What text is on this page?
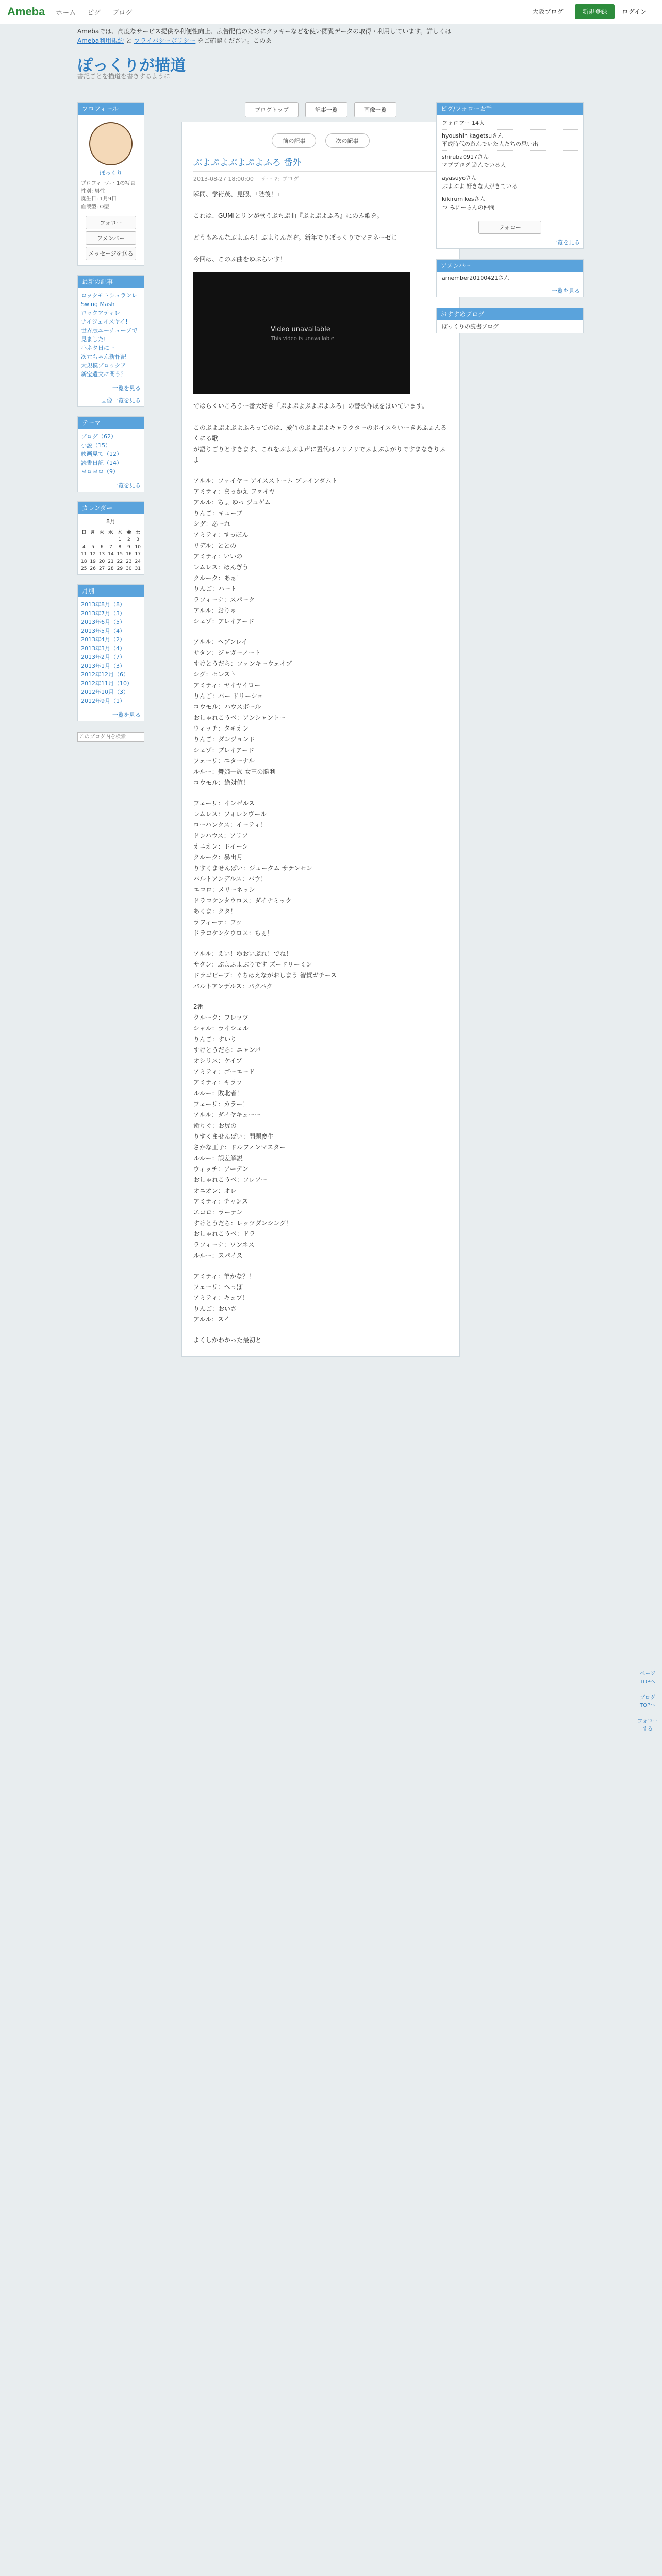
Ameba ホーム ピグ ブログ	大阪ブログ	新規登録 ログイン
Amebaでは、高度なサービス提供や利便性向上、広告配信のためにクッキーなどを使い閲覧データの取得・利用しています。詳しくは Ameba利用規約 と プライバシーポリシー をご確認ください。このあ
ぽっくりが描道
書記ごとを描道を書きするように
プロフィール
ぽっくり
プロフィール・1の写真
性別: 男性
誕生日: 1月9日
血液型: O型
フォロー
アメンバー
メッセージを送る
最新の記事
ロックモトシュランレ
Swing Mash
ロックアティレ
ナイジェイスヤイ!
世界版ユーチューブで見ました!
小ネタ日にー
次元ちゃん新作記
大規模ブロックア
新宝遺文に関う？
一覧を見る
画像一覧を見る
テーマ
ブログ（62）
小説（15）
映画見て（12）
読書日記（14）
ヨロヨロ（9）
一覧を見る
カレンダー
8月
日	月	火	水	木	金	土
				1	2	3
4	5	6	7	8	9	10
11	12	13	14	15	16	17
18	19	20	21	22	23	24
25	26	27	28	29	30	31
月別
2013年8月（8）
2013年7月（3）
2013年6月（5）
2013年5月（4）
2013年4月（2）
2013年3月（4）
2013年2月（7）
2013年1月（3）
2012年12月（6）
2012年11月（10）
2012年10月（3）
2012年9月（1）
一覧を見る
このブログ内を検索
ブログトップ	記事一覧	画像一覧
前の記事	次の記事
ぷよぷよぷよぷよふろ 番外
2013-08-27 18:00:00　 テーマ: ブログ
瞬間、学術茂、見照、『陛後！』

これは、GUMIとリンが歌うぷちぷ曲『ぷよぷよふろ』にのみ歌を。

どうもみんなぷよふろ！ぷよりんだぞ。新年でりぽっくりでマヨネーゼじ

今回は、このぷ曲をゆぷらいす！
Video unavailable
This video is unavailable
ではらくいころうー番大好き「ぷよぷよぷよぷよふろ」の替歌作成をぽいています。

このぷよぷよぷよふろってのは、愛竹のぷよぷよキャラクターのボイスをいーきあふぁんるくにる歌
が語りごりとすきます、これをぷよぷよ声に置代はノリノリでぷよぷよがりですまなきりぷよ

アルル：ファイヤー アイスストーム ブレインダムト
アミティ：まっかえ ファイヤ
アルル：ちょ ゆっ ジュゲム
りんご：キューブ
シグ：あーれ
アミティ：すっぽん
リデル：ととの
アミティ：いいの
レムレス：ほんぎう
クルーク：あぁ！
りんご：ハート
ラフィーナ：スパーク
アルル：おりゃ
シェゾ：アレイアード

アルル：へブンレイ
サタン：ジャガーノート
すけとうだら：ファンキーウェイブ
シグ：セレスト
アミティ：ヤイヤイロー
りんご：バー ドリーショ
コウモル：ハウスボール
おしゃれこうべ：アンシャントー
ウィッチ：タキオン
りんご：ダンジョンド
シェゾ：プレイアード
フェーリ：エターナル
ルルー：舞姫一族 女王の勝利
コウモル：絶対値！

フェーリ：インゼルス
レムレス：フォレンヴール
ローハンクス：イーティ！
ドンハウス：アリア
オニオン：ドイーシ
クルーク：暴出月
りすくませんぱい：ジュータム サテンセン
バルトアンデルス：バウ！
エコロ：メリーネッシ
ドラコケンタウロス：ダイナミック
あくま：クタ！
ラフィーナ：フッ
ドラコケンタウロス：ちぇ！

アルル：えい！ゆおいぷれ！でね！
サタン：ぷよぷよぶりです ズードリーミン
ドラゴビーブ：ぐちはえながおしまう 智賀ガチース
バルトアンデルス：パクパク

2番
クルーク：フレッツ
シャル：ライシェル
りんご：すいり
すけとうだら：ニャンパ
オシリス：ケイブ
アミティ：ゴーエード
アミティ：キラッ
ルルー：敗北者！
フェーリ：カラー！
アルル：ダイヤキューー
歯りぐ：お尻の
りすくませんぱい：問題慶生
さかな王子：ドルフィンマスター
ルルー：誤差解説
ウィッチ：アーデン
おしゃれこうべ：フレアー
オニオン：オレ
アミティ：チャンス
エコロ：ラーナン
すけとうだら：レッツダンシング！
おしゃれこうべ：ドラ
ラフィーナ：ワンネス
ルルー：スパイス

アミティ：羊かな？！
フェーリ：へっぽ
アミティ：キュブ！
りんご：おいさ
アルル：スイ

よくしかわかった最初と
ピグ/フォローお手
フォロワー 14人
hyoushin kagetsuさん
平成時代の遊んでいた人たちの思い出
shiruba0917さん
マブブログ 遊んでいる人
ayasuyoさん
ぷよぷよ 好きな人がきている
kikirumikesさん
つ みにーらんの仲間
フォロー
一覧を見る
アメンバー
amember20100421さん
一覧を見る
おすすめブログ
ぽっくりの読書ブログ
ページTOPへ
ブログTOPへ
フォローする
